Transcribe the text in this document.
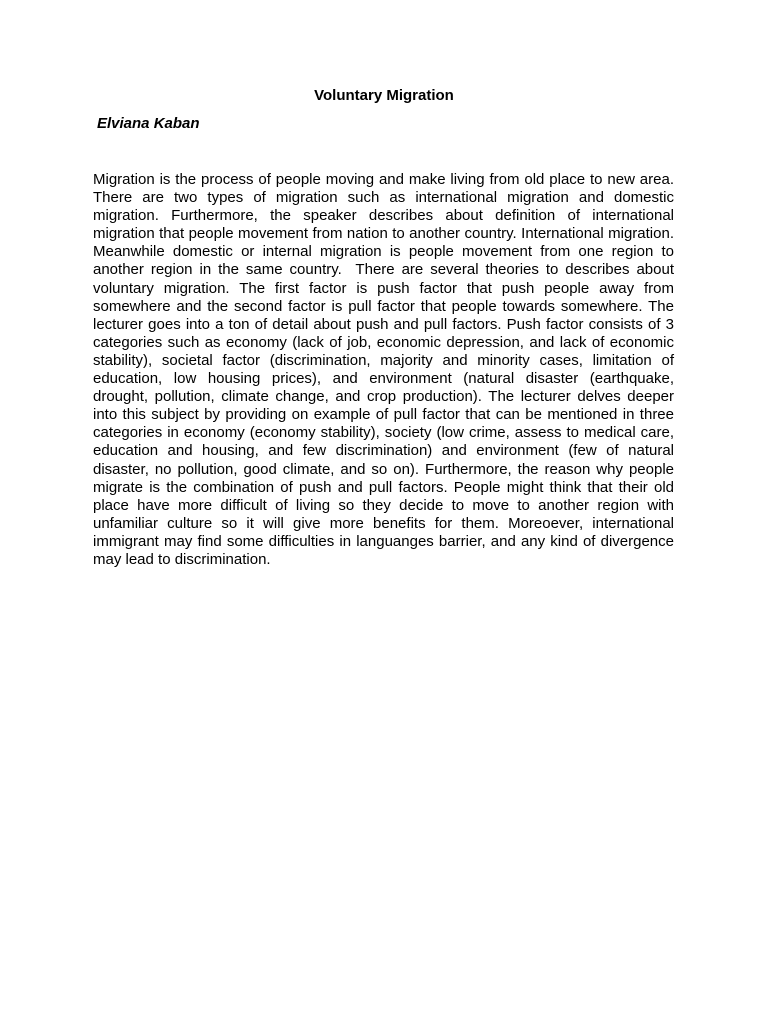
Voluntary Migration

Elviana Kaban

Migration is the process of people moving and make living from old place to new area. There are two types of migration such as international migration and domestic migration. Furthermore, the speaker describes about definition of international migration that people movement from nation to another country. International migration. Meanwhile domestic or internal migration is people movement from one region to another region in the same country.  There are several theories to describes about voluntary migration. The first factor is push factor that push people away from somewhere and the second factor is pull factor that people towards somewhere. The lecturer goes into a ton of detail about push and pull factors. Push factor consists of 3 categories such as economy (lack of job, economic depression, and lack of economic stability), societal factor (discrimination, majority and minority cases, limitation of education, low housing prices), and environment (natural disaster (earthquake, drought, pollution, climate change, and crop production). The lecturer delves deeper into this subject by providing on example of pull factor that can be mentioned in three categories in economy (economy stability), society (low crime, assess to medical care, education and housing, and few discrimination) and environment (few of natural disaster, no pollution, good climate, and so on). Furthermore, the reason why people migrate is the combination of push and pull factors. People might think that their old place have more difficult of living so they decide to move to another region with unfamiliar culture so it will give more benefits for them. Moreoever, international immigrant may find some difficulties in languanges barrier, and any kind of divergence may lead to discrimination.
